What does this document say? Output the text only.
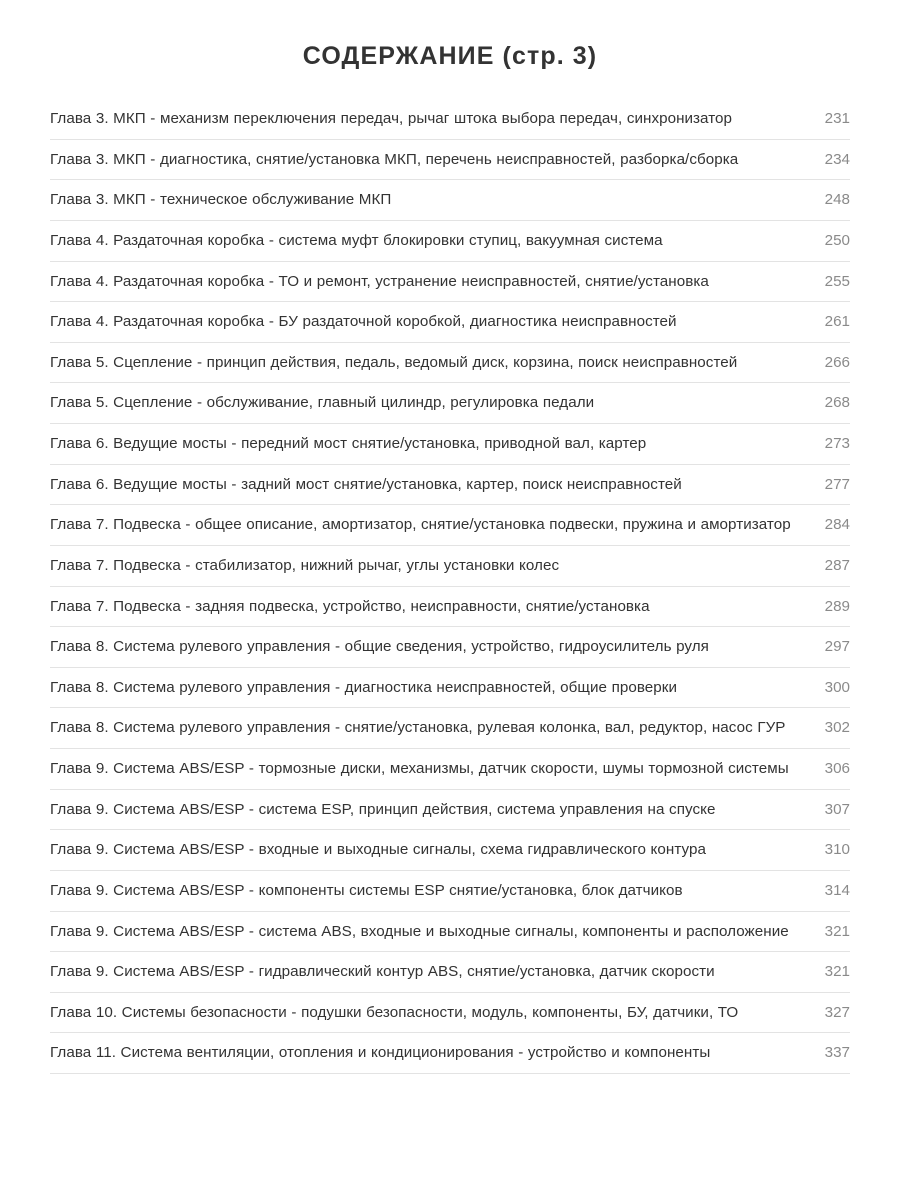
СОДЕРЖАНИЕ (стр. 3)
Глава 3. МКП - механизм переключения передач, рычаг штока выбора передач, синхронизатор	231
Глава 3. МКП - диагностика, снятие/установка МКП, перечень неисправностей, разборка/сборка	234
Глава 3. МКП - техническое обслуживание МКП	248
Глава 4. Раздаточная коробка - система муфт блокировки ступиц, вакуумная система	250
Глава 4. Раздаточная коробка - ТО и ремонт, устранение неисправностей, снятие/установка	255
Глава 4. Раздаточная коробка - БУ раздаточной коробкой, диагностика неисправностей	261
Глава 5. Сцепление - принцип действия, педаль, ведомый диск, корзина, поиск неисправностей	266
Глава 5. Сцепление - обслуживание, главный цилиндр, регулировка педали	268
Глава 6. Ведущие мосты - передний мост снятие/установка, приводной вал, картер	273
Глава 6. Ведущие мосты - задний мост снятие/установка, картер, поиск неисправностей	277
Глава 7. Подвеска - общее описание, амортизатор, снятие/установка подвески, пружина и амортизатор	284
Глава 7. Подвеска - стабилизатор, нижний рычаг, углы установки колес	287
Глава 7. Подвеска - задняя подвеска, устройство, неисправности, снятие/установка	289
Глава 8. Система рулевого управления - общие сведения, устройство, гидроусилитель руля	297
Глава 8. Система рулевого управления - диагностика неисправностей, общие проверки	300
Глава 8. Система рулевого управления - снятие/установка, рулевая колонка, вал, редуктор, насос ГУР	302
Глава 9. Система ABS/ESP - тормозные диски, механизмы, датчик скорости, шумы тормозной системы	306
Глава 9. Система ABS/ESP - система ESP, принцип действия, система управления на спуске	307
Глава 9. Система ABS/ESP - входные и выходные сигналы, схема гидравлического контура	310
Глава 9. Система ABS/ESP - компоненты системы ESP снятие/установка, блок датчиков	314
Глава 9. Система ABS/ESP - система ABS, входные и выходные сигналы, компоненты и расположение	321
Глава 9. Система ABS/ESP - гидравлический контур ABS, снятие/установка, датчик скорости	321
Глава 10. Системы безопасности - подушки безопасности, модуль, компоненты, БУ, датчики, ТО	327
Глава 11. Система вентиляции, отопления и кондиционирования - устройство и компоненты	337
